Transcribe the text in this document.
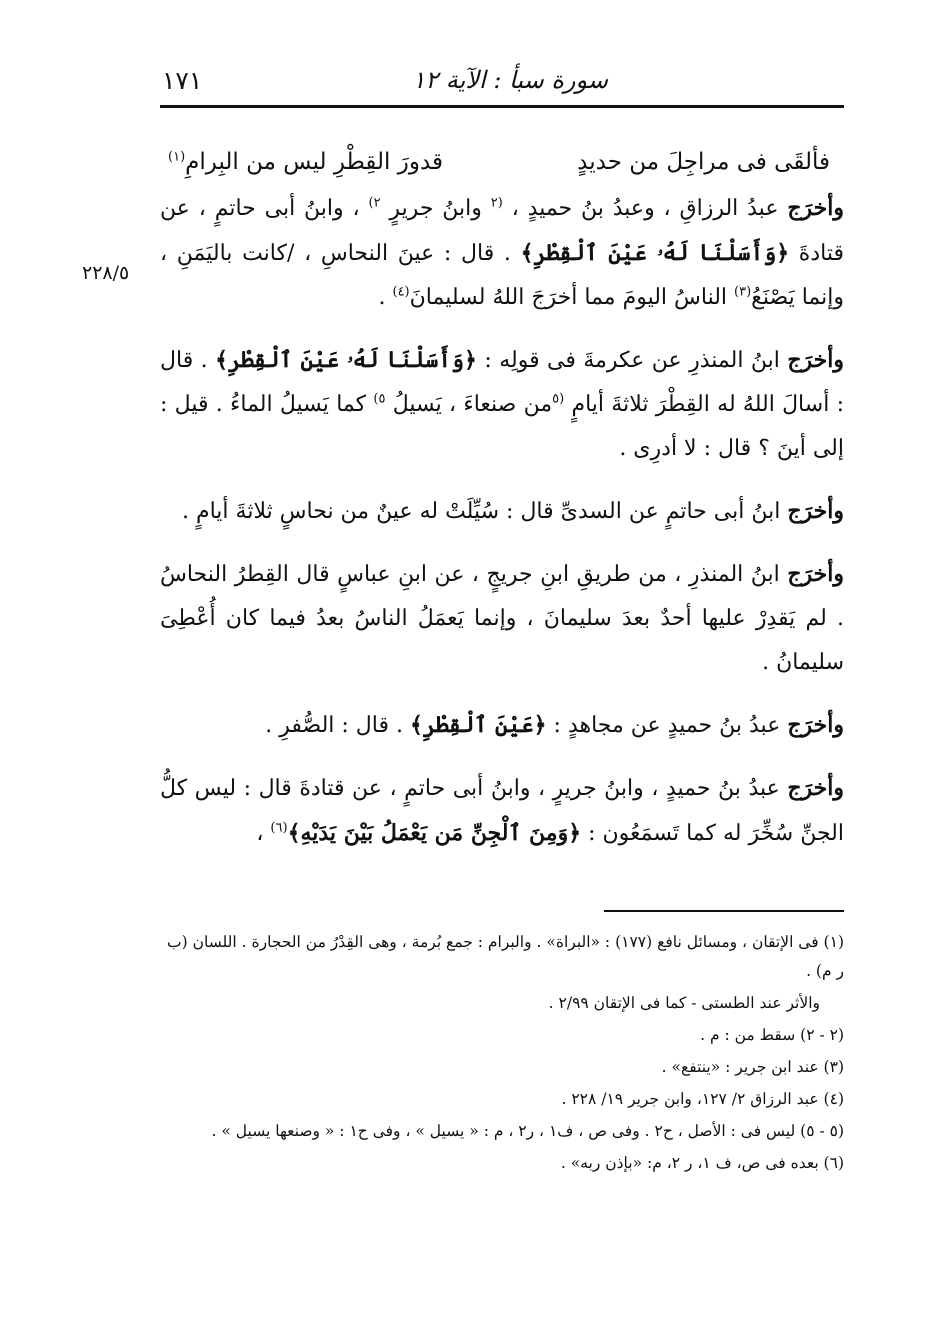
١٧١	سورة سبأ : الآية ١٢
٢٢٨/٥
فألقَى فى مراجِلَ من حديدٍ
قدورَ القِطْرِ ليس من البِرامِ$^{(١)}$

وأخرَج عبدُ الرزاقِ ، وعبدُ بنُ حميدٍ ، $^{(٢}$ وابنُ جريرٍ $^{٢)}$ ، وابنُ أبى حاتمٍ ، عن قتادةَ ﴿وَأَسَلْنَا لَهُۥ عَيْنَ ٱلْقِطْرِ﴾ . قال : عينَ النحاسِ ، /كانت باليَمَنِ ، وإنما يَصْنَعُ$^{(٣)}$ الناسُ اليومَ مما أخرَجَ اللهُ لسليمانَ$^{(٤)}$ .

وأخرَج ابنُ المنذرِ عن عكرمةَ فى قولِه : ﴿وَأَسَلْنَا لَهُۥ عَيْنَ ٱلْقِطْرِ﴾ . قال : أسالَ اللهُ له القِطْرَ ثلاثةَ أيامٍ $^{(٥}$من صنعاءَ ، يَسيلُ $^{٥)}$ كما يَسيلُ الماءُ . قيل : إلى أينَ ؟ قال : لا أدرِى .

وأخرَج ابنُ أبى حاتمٍ عن السدىِّ قال : سُيِّلَتْ له عينٌ من نحاسٍ ثلاثةَ أيامٍ .

وأخرَج ابنُ المنذرِ ، من طريقِ ابنِ جريجٍ ، عن ابنِ عباسٍ قال القِطرُ النحاسُ . لم يَقدِرْ عليها أحدٌ بعدَ سليمانَ ، وإنما يَعمَلُ الناسُ بعدُ فيما كان أُعْطِىَ سليمانُ .

وأخرَج عبدُ بنُ حميدٍ عن مجاهدٍ : ﴿عَيْنَ ٱلْقِطْرِ﴾ . قال : الصُّفرِ .

وأخرَج عبدُ بنُ حميدٍ ، وابنُ جريرٍ ، وابنُ أبى حاتمٍ ، عن قتادةَ قال : ليس كلُّ الجنِّ سُخِّرَ له كما تَسمَعُون : ﴿وَمِنَ ٱلْجِنِّ مَن يَعْمَلُ بَيْنَ يَدَيْهِ﴾$^{(٦)}$ ،

(١) فى الإتقان ، ومسائل نافع (١٧٧) : «البراة» . والبرام : جمع بُرمة ، وهى القِدْرُ من الحجارة . اللسان (ب ر م) .

والأثر عند الطستى - كما فى الإتقان ٢/٩٩ .

(٢ - ٢) سقط من : م .

(٣) عند ابن جرير : «ينتفع» .

(٤) عبد الرزاق ٢/ ١٢٧، وابن جرير ١٩/ ٢٢٨ .

(٥ - ٥) ليس فى : الأصل ، ح٢ . وفى ص ، ف١ ، ر٢ ، م : « يسيل » ، وفى ح١ : « وصنعها يسيل » .

(٦) بعده فى ص، ف ١، ر ٢، م: «بإذن ربه» .
